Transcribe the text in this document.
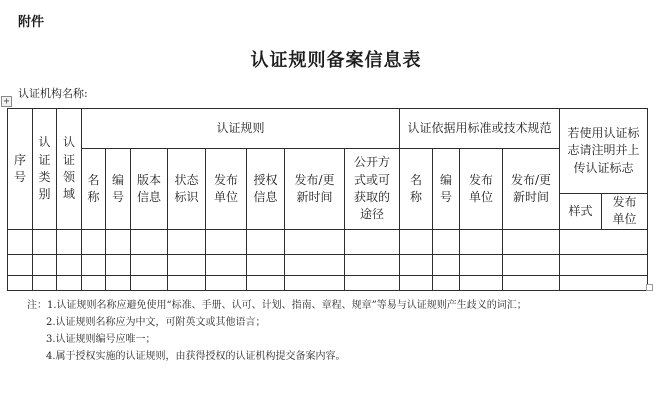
附件
认证规则备案信息表
认证机构名称:
+
序号	认证类别	认证领域	认证规则								认证依据用标准或技术规范				若使用认证标志请注明并上传认证标志	
			名称	编号	版本信息	状态标识	发布单位	授权信息	发布/更新时间	公开方式或可获取的途径	名称	编号	发布单位	发布/更新时间		
															样式	发布单位

注：1.认证规则名称应避免使用“标准、手册、认可、计划、指南、章程、规章”等易与认证规则产生歧义的词汇；
2.认证规则名称应为中文，可附英文或其他语言；
3.认证规则编号应唯一；
4.属于授权实施的认证规则，由获得授权的认证机构提交备案内容。
